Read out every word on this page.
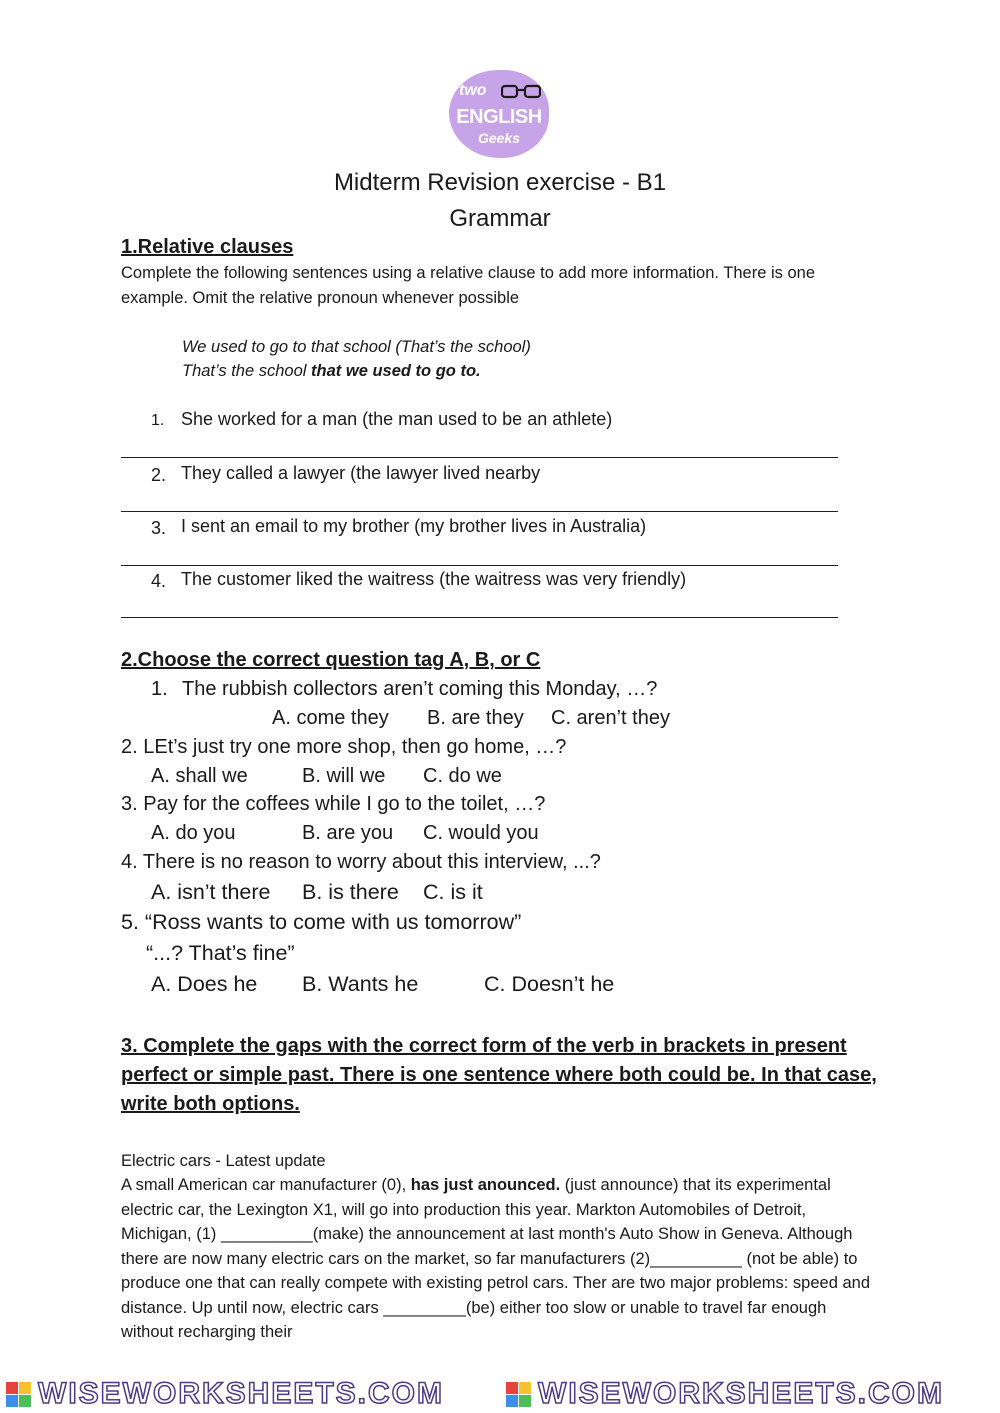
two
ENGLISH
Geeks
Midterm Revision exercise - B1
Grammar
1.Relative clauses
Complete the following sentences using a relative clause to add more information. There is one example. Omit the relative pronoun whenever possible
We used to go to that school (That’s the school)
That’s the school that we used to go to.
1. She worked for a man (the man used to be an athlete)
2. They called a lawyer (the lawyer lived nearby
3. I sent an email to my brother (my brother lives in Australia)
4. The customer liked the waitress (the waitress was very friendly)
2.Choose the correct question tag A, B, or C
1. The rubbish collectors aren’t coming this Monday, …?
A. come they B. are they C. aren’t they
2. LEt’s just try one more shop, then go home, …?
A. shall we	B. will we C. do we
3. Pay for the coffees while I go to the toilet, …?
A. do you	B. are you C. would you
4. There is no reason to worry about this interview, ...?
A. isn’t there B. is there C. is it
5. “Ross wants to come with us tomorrow”
“...? That’s fine”
A. Does he B. Wants he	C. Doesn’t he
3. Complete the gaps with the correct form of the verb in brackets in present perfect or simple past. There is one sentence where both could be. In that case, write both options.
Electric cars - Latest update
A small American car manufacturer (0), has just anounced. (just announce) that its experimental electric car, the Lexington X1, will go into production this year. Markton Automobiles of Detroit, Michigan, (1) __________(make) the announcement at last month's Auto Show in Geneva. Although there are now many electric cars on the market, so far manufacturers (2)__________ (not be able) to produce one that can really compete with existing petrol cars. Ther are two major problems: speed and distance. Up until now, electric cars _________(be) either too slow or unable to travel far enough without recharging their
WISEWORKSHEETS.COM	WISEWORKSHEETS.COM
